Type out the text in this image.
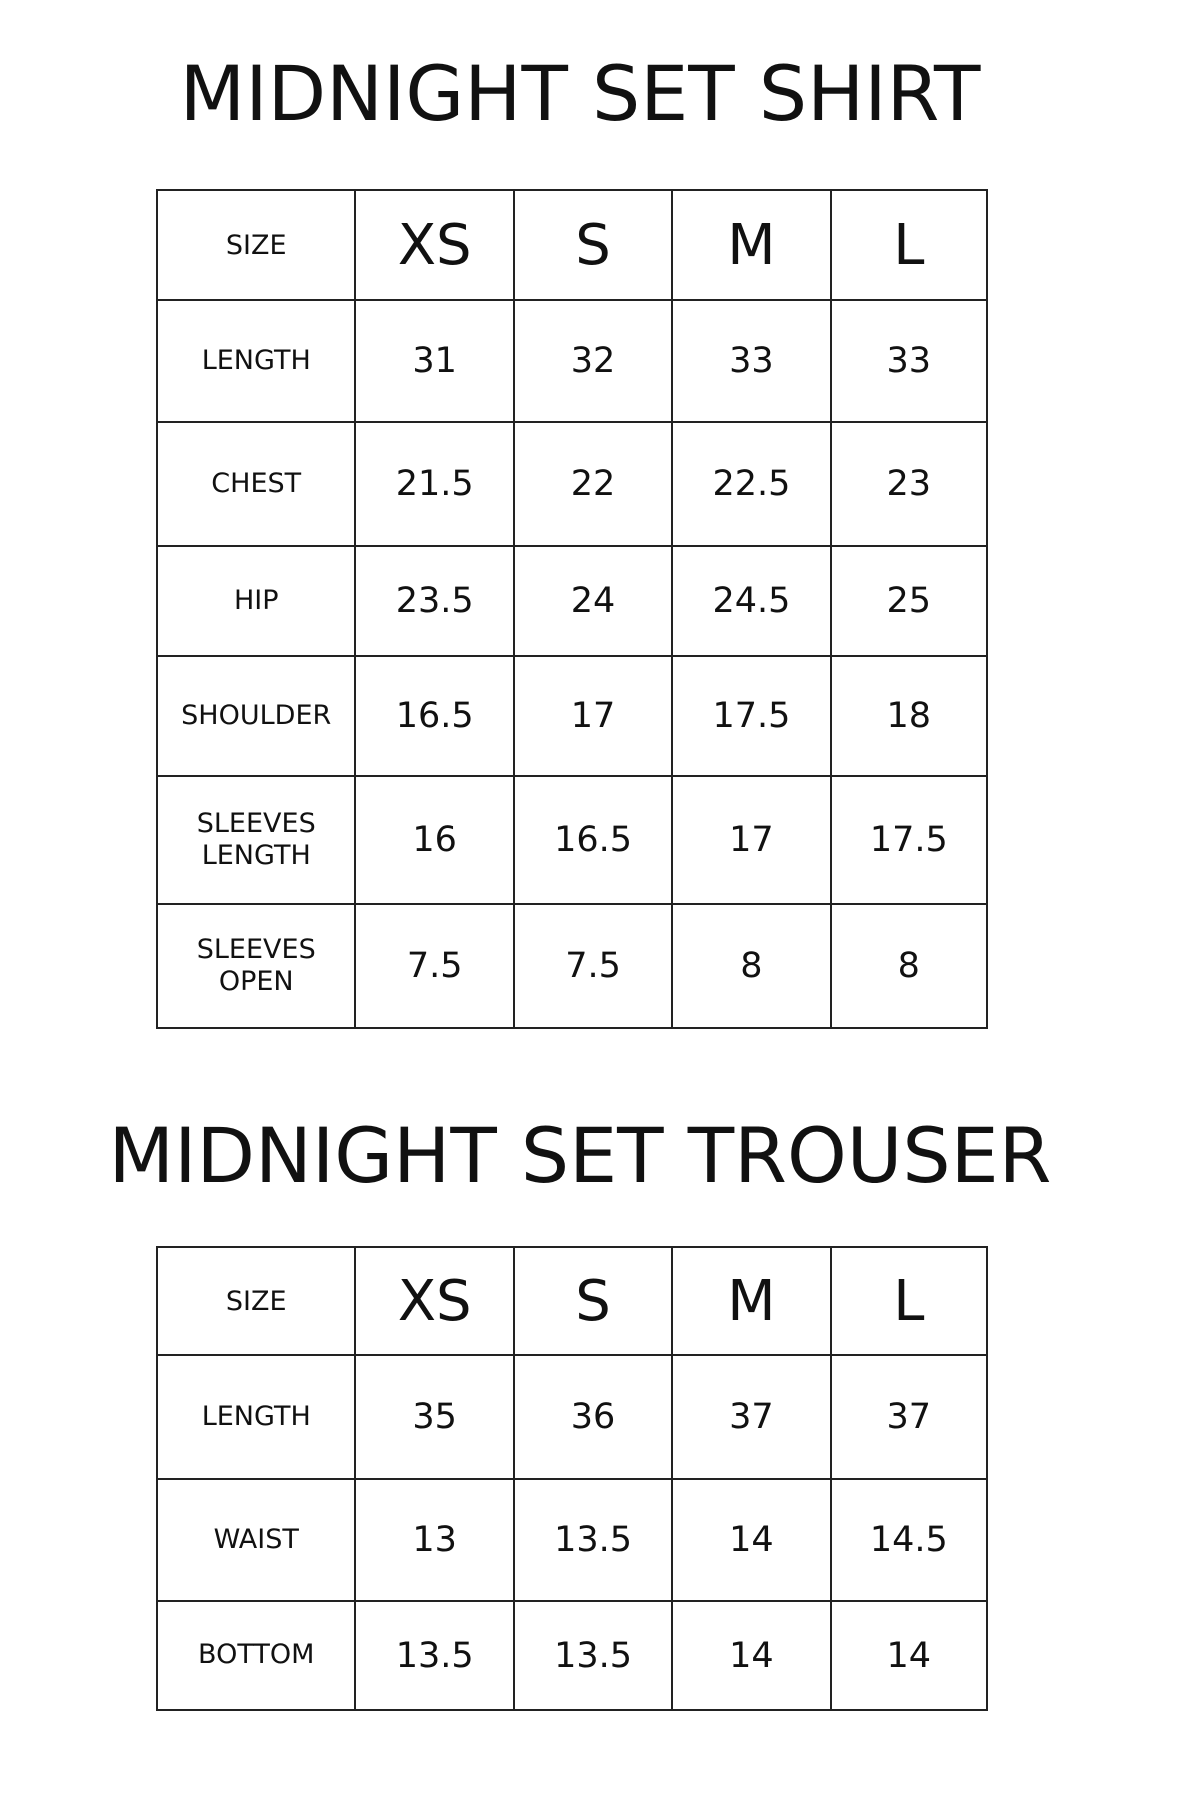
MIDNIGHT SET SHIRT
SIZE	XS	S	M	L
LENGTH	31	32	33	33
CHEST	21.5	22	22.5	23
HIP	23.5	24	24.5	25
SHOULDER	16.5	17	17.5	18

SLEEVES
LENGTH	16	16.5	17	17.5

SLEEVES
OPEN	7.5	7.5	8	8
MIDNIGHT SET TROUSER
SIZE	XS	S	M	L
LENGTH	35	36	37	37
WAIST	13	13.5	14	14.5
BOTTOM	13.5	13.5	14	14
